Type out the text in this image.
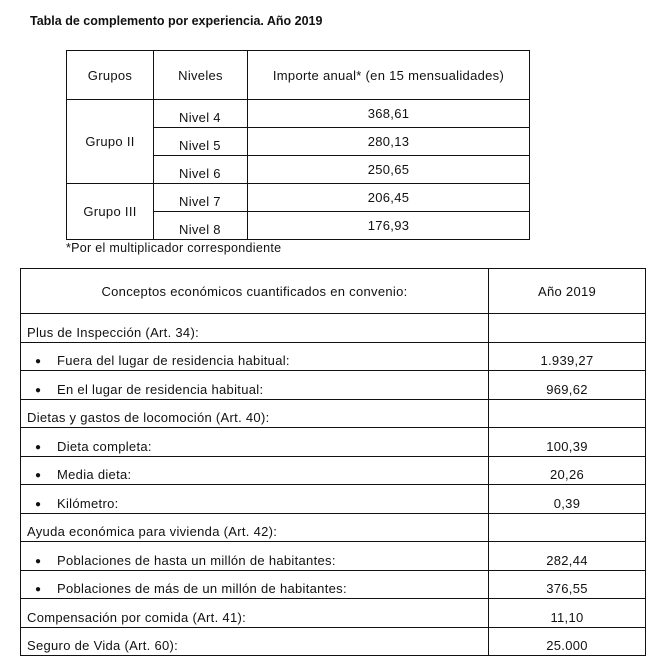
Tabla de complemento por experiencia. Año 2019
Grupos	Niveles	Importe anual* (en 15 mensualidades)
Grupo II	Nivel 4	368,61
	Nivel 5	280,13
	Nivel 6	250,65
Grupo III	Nivel 7	206,45
	Nivel 8	176,93
*Por el multiplicador correspondiente
Conceptos económicos cuantificados en convenio:	Año 2019
Plus de Inspección (Art. 34):	
● Fuera del lugar de residencia habitual:	1.939,27
● En el lugar de residencia habitual:	969,62
Dietas y gastos de locomoción (Art. 40):	
● Dieta completa:	100,39
● Media dieta:	20,26
● Kilómetro:	0,39
Ayuda económica para vivienda (Art. 42):	
● Poblaciones de hasta un millón de habitantes:	282,44
● Poblaciones de más de un millón de habitantes:	376,55
Compensación por comida (Art. 41):	11,10
Seguro de Vida (Art. 60):	25.000
